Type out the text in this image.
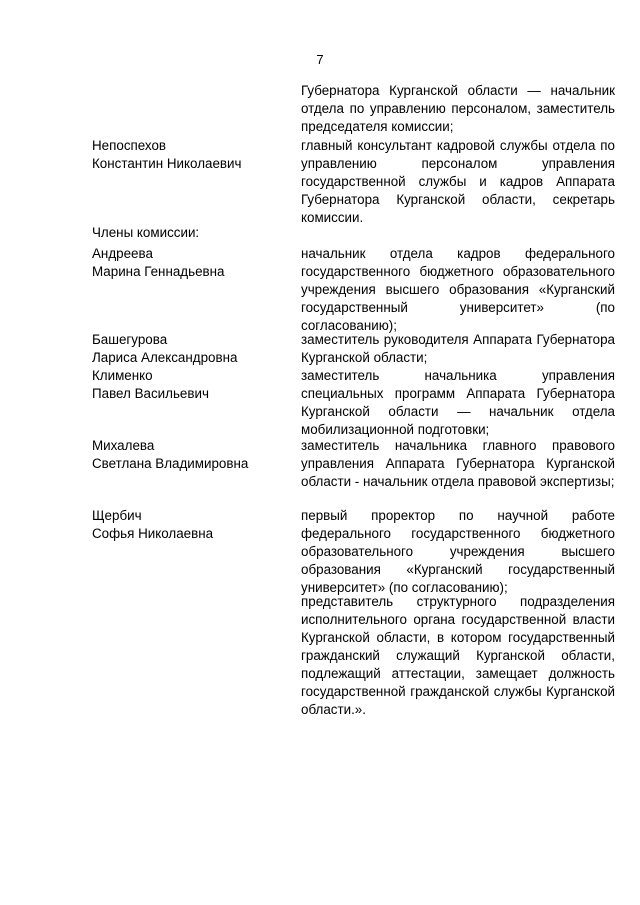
7
Губернатора Курганской области — начальник отдела по управлению персоналом, заместитель председателя комиссии;
Непоспехов
Константин Николаевич
главный консультант кадровой службы отдела по управлению персоналом управления государственной службы и кадров Аппарата Губернатора Курганской области, секретарь комиссии.
Члены комиссии:
Андреева
Марина Геннадьевна
начальник отдела кадров федерального государственного бюджетного образовательного учреждения высшего образования «Курганский государственный университет» (по согласованию);
Башегурова
Лариса Александровна
заместитель руководителя Аппарата Губернатора Курганской области;
Клименко
Павел Васильевич
заместитель начальника управления специальных программ Аппарата Губернатора Курганской области — начальник отдела мобилизационной подготовки;
Михалева
Светлана Владимировна
заместитель начальника главного правового управления Аппарата Губернатора Курганской области - начальник отдела правовой экспертизы;
Щербич
Софья Николаевна
первый проректор по научной работе федерального государственного бюджетного образовательного учреждения высшего образования «Курганский государственный университет» (по согласованию);
представитель структурного подразделения исполнительного органа государственной власти Курганской области, в котором государственный гражданский служащий Курганской области, подлежащий аттестации, замещает должность государственной гражданской службы Курганской области.».
